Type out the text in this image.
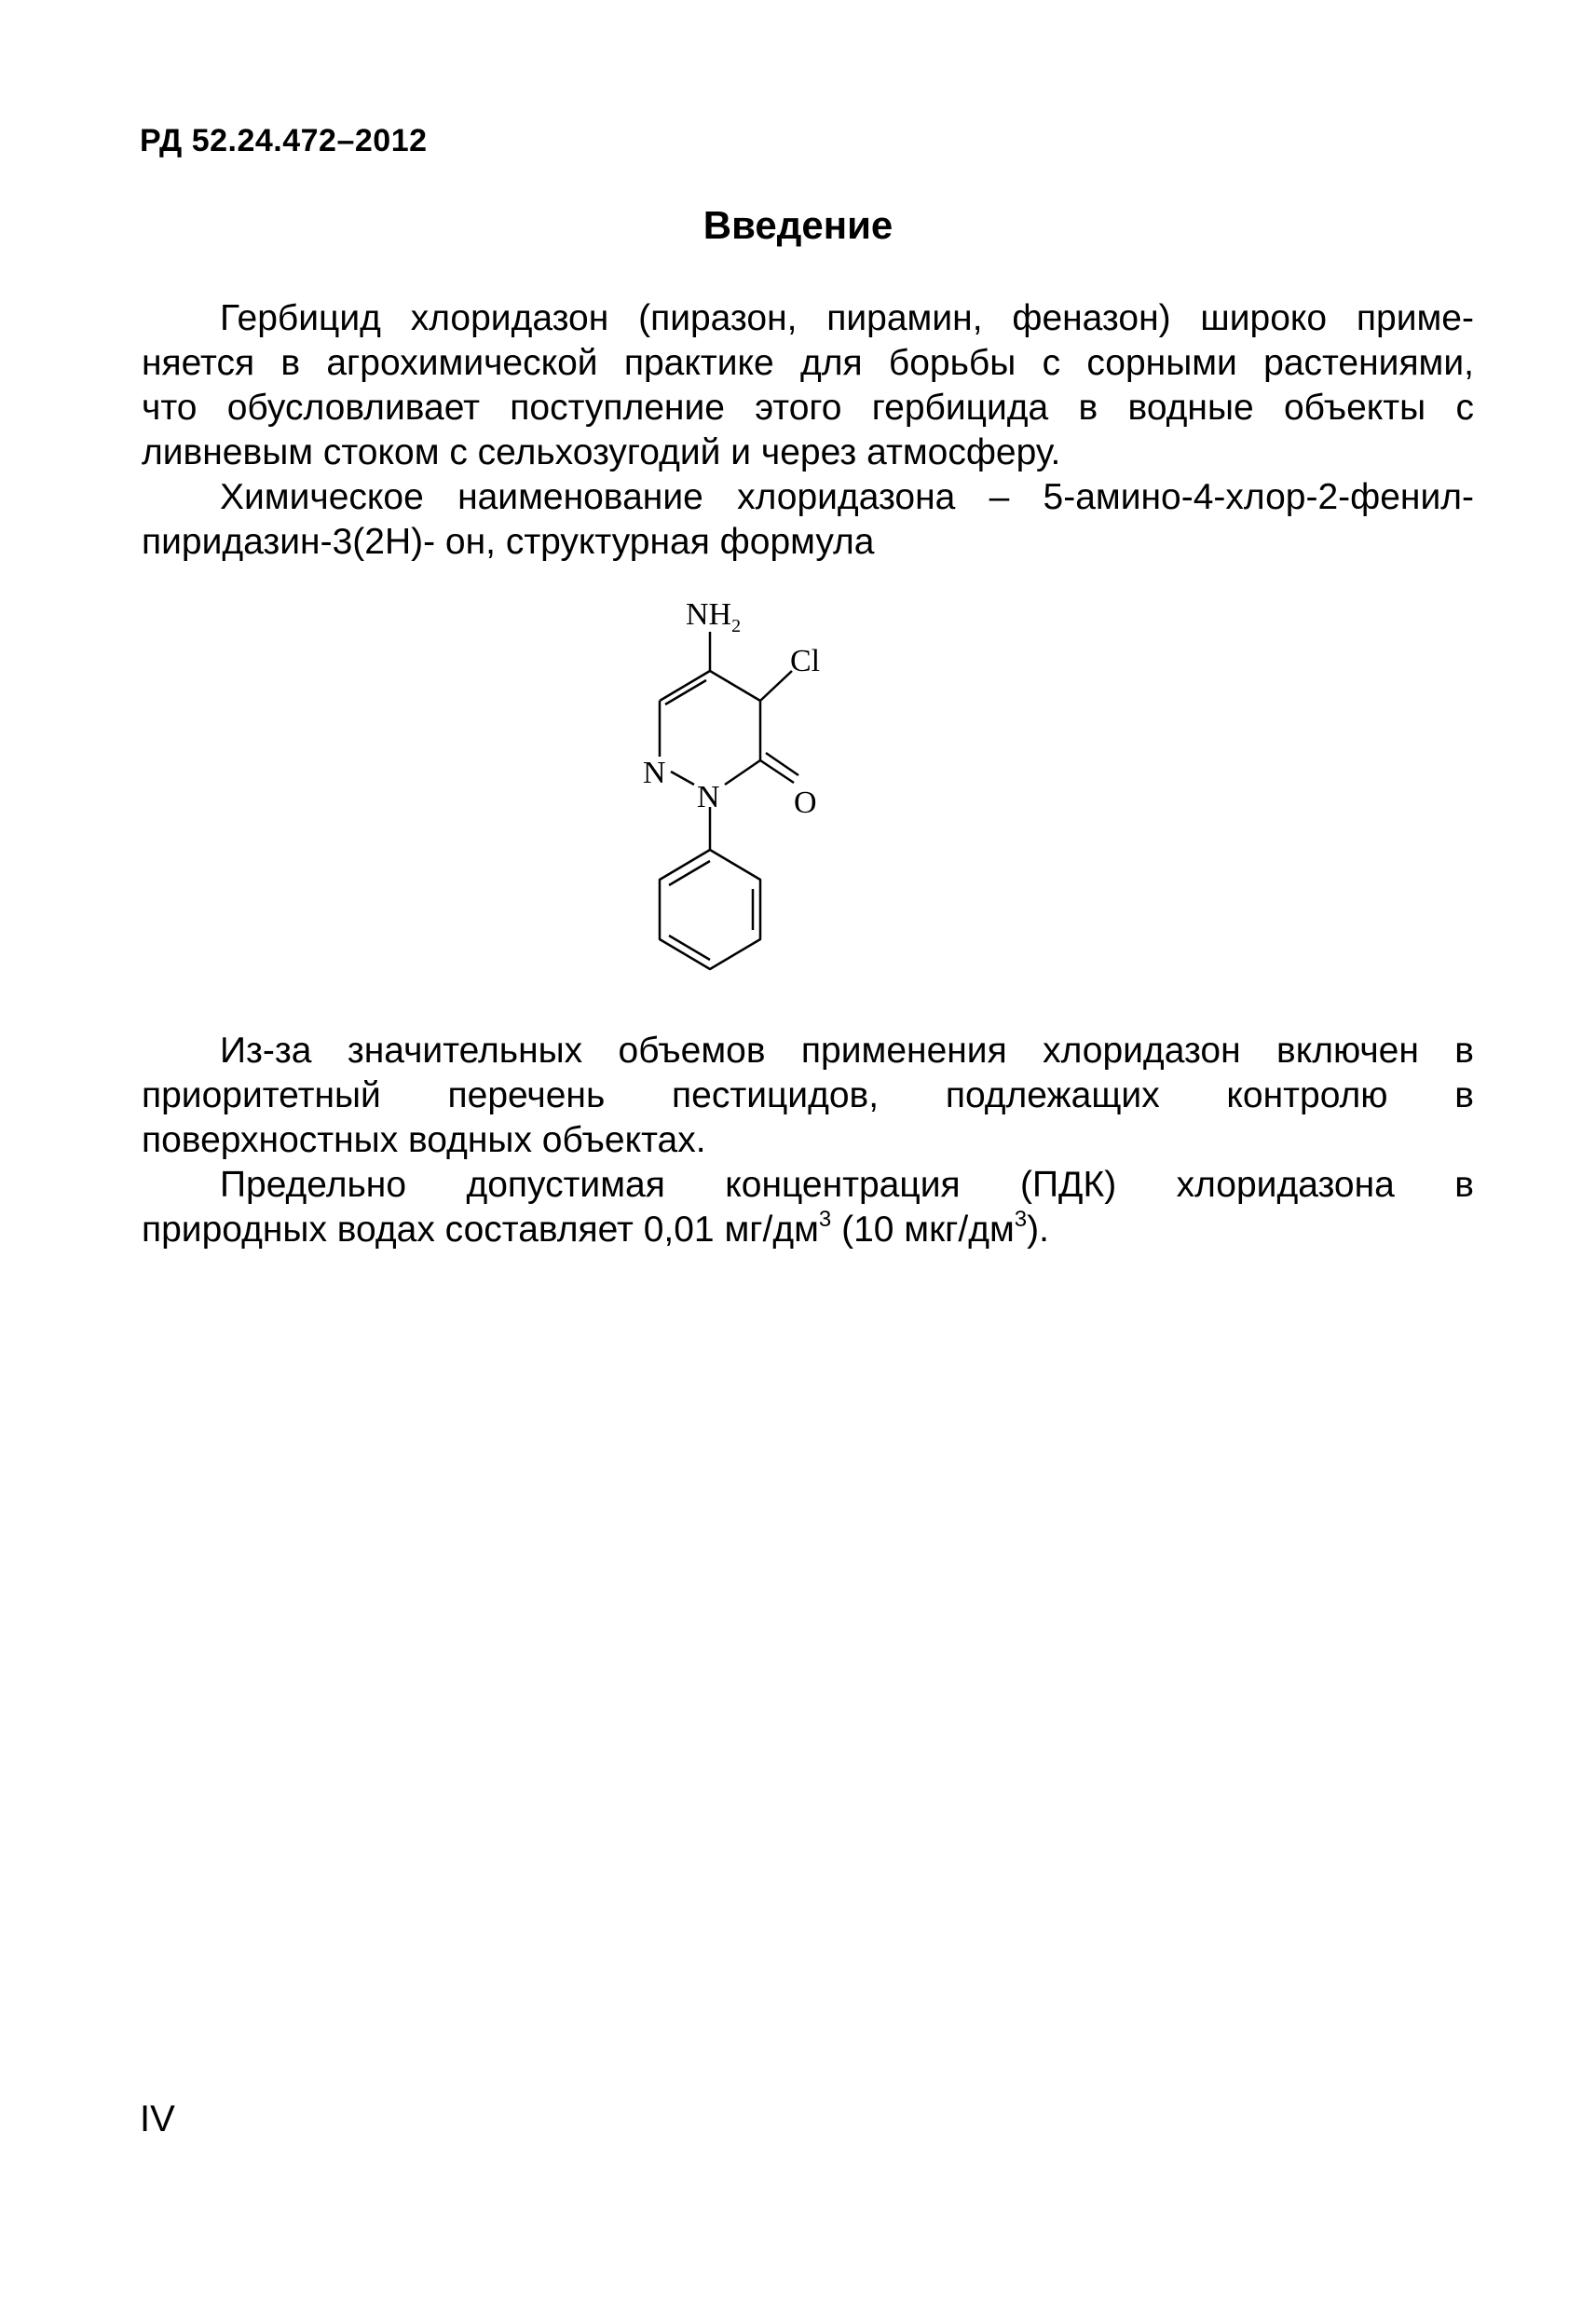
РД 52.24.472–2012
Введение
Гербицид хлоридазон (пиразон, пирамин, феназон) широко приме-
няется в агрохимической практике для борьбы с сорными растениями,
что обусловливает поступление этого гербицида в водные объекты с
ливневым стоком с сельхозугодий и через атмосферу.
Химическое наименование хлоридазона – 5-амино-4-хлор-2-фенил-
пиридазин-3(2Н)- он, структурная формула
$NH_2$
Cl
N
N O
Из-за значительных объемов применения хлоридазон включен в
приоритетный перечень пестицидов, подлежащих контролю в
поверхностных водных объектах.
Предельно допустимая концентрация (ПДК) хлоридазона в
природных водах составляет 0,01 $мг/дм^3$ (10 мкг/$дм^3$).
IV
